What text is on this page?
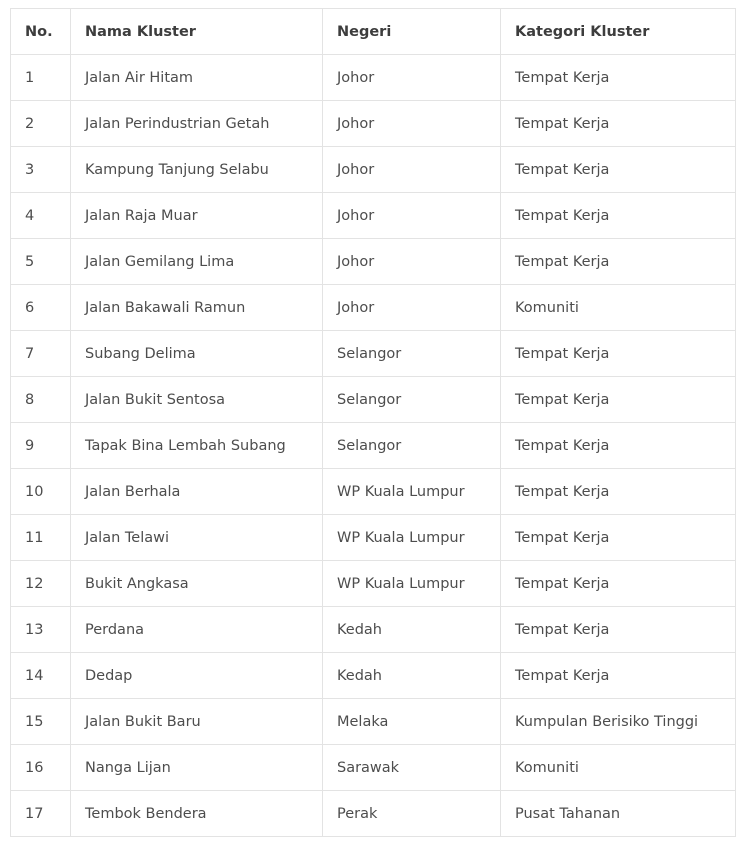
No.	Nama Kluster	Negeri	Kategori Kluster
1	Jalan Air Hitam	Johor	Tempat Kerja
2	Jalan Perindustrian Getah	Johor	Tempat Kerja
3	Kampung Tanjung Selabu	Johor	Tempat Kerja
4	Jalan Raja Muar	Johor	Tempat Kerja
5	Jalan Gemilang Lima	Johor	Tempat Kerja
6	Jalan Bakawali Ramun	Johor	Komuniti
7	Subang Delima	Selangor	Tempat Kerja
8	Jalan Bukit Sentosa	Selangor	Tempat Kerja
9	Tapak Bina Lembah Subang	Selangor	Tempat Kerja
10	Jalan Berhala	WP Kuala Lumpur	Tempat Kerja
11	Jalan Telawi	WP Kuala Lumpur	Tempat Kerja
12	Bukit Angkasa	WP Kuala Lumpur	Tempat Kerja
13	Perdana	Kedah	Tempat Kerja
14	Dedap	Kedah	Tempat Kerja
15	Jalan Bukit Baru	Melaka	Kumpulan Berisiko Tinggi
16	Nanga Lijan	Sarawak	Komuniti
17	Tembok Bendera	Perak	Pusat Tahanan
